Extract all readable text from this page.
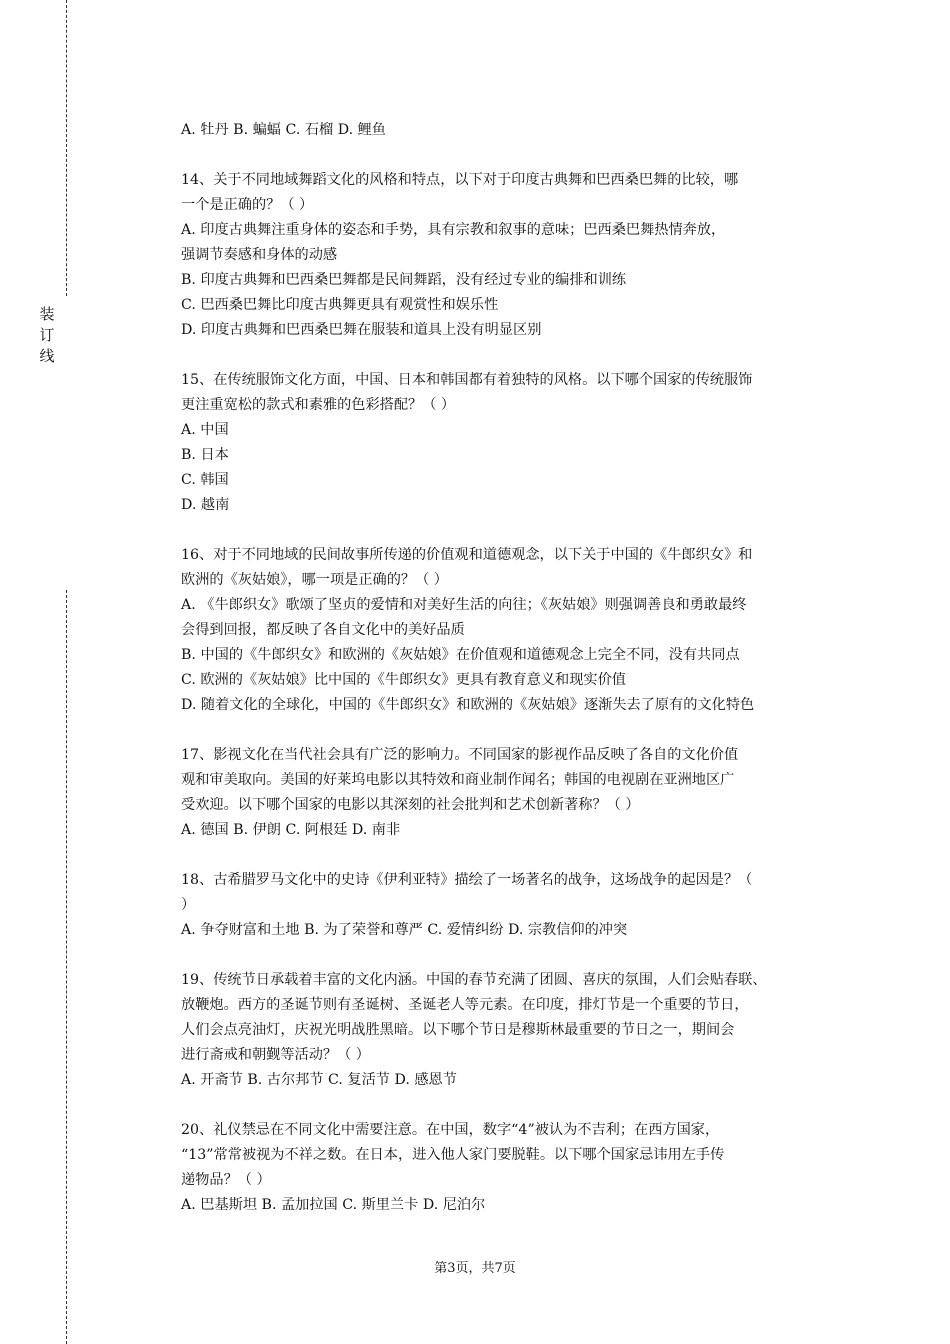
装
订
线
A. 牡丹 B. 蝙蝠 C. 石榴 D. 鲤鱼
14、关于不同地域舞蹈文化的风格和特点，以下对于印度古典舞和巴西桑巴舞的比较，哪
一个是正确的？（ ）
A. 印度古典舞注重身体的姿态和手势，具有宗教和叙事的意味；巴西桑巴舞热情奔放，
强调节奏感和身体的动感
B. 印度古典舞和巴西桑巴舞都是民间舞蹈，没有经过专业的编排和训练
C. 巴西桑巴舞比印度古典舞更具有观赏性和娱乐性
D. 印度古典舞和巴西桑巴舞在服装和道具上没有明显区别
15、在传统服饰文化方面，中国、日本和韩国都有着独特的风格。以下哪个国家的传统服饰
更注重宽松的款式和素雅的色彩搭配？（ ）
A. 中国
B. 日本
C. 韩国
D. 越南
16、对于不同地域的民间故事所传递的价值观和道德观念，以下关于中国的《牛郎织女》和
欧洲的《灰姑娘》，哪一项是正确的？（ ）
A. 《牛郎织女》歌颂了坚贞的爱情和对美好生活的向往；《灰姑娘》则强调善良和勇敢最终
会得到回报，都反映了各自文化中的美好品质
B. 中国的《牛郎织女》和欧洲的《灰姑娘》在价值观和道德观念上完全不同，没有共同点
C. 欧洲的《灰姑娘》比中国的《牛郎织女》更具有教育意义和现实价值
D. 随着文化的全球化，中国的《牛郎织女》和欧洲的《灰姑娘》逐渐失去了原有的文化特色
17、影视文化在当代社会具有广泛的影响力。不同国家的影视作品反映了各自的文化价值
观和审美取向。美国的好莱坞电影以其特效和商业制作闻名；韩国的电视剧在亚洲地区广
受欢迎。以下哪个国家的电影以其深刻的社会批判和艺术创新著称？（ ）
A. 德国 B. 伊朗 C. 阿根廷 D. 南非
18、古希腊罗马文化中的史诗《伊利亚特》描绘了一场著名的战争，这场战争的起因是？（
）
A. 争夺财富和土地 B. 为了荣誉和尊严 C. 爱情纠纷 D. 宗教信仰的冲突
19、传统节日承载着丰富的文化内涵。中国的春节充满了团圆、喜庆的氛围，人们会贴春联、
放鞭炮。西方的圣诞节则有圣诞树、圣诞老人等元素。在印度，排灯节是一个重要的节日，
人们会点亮油灯，庆祝光明战胜黑暗。以下哪个节日是穆斯林最重要的节日之一，期间会
进行斋戒和朝觐等活动？（ ）
A. 开斋节 B. 古尔邦节 C. 复活节 D. 感恩节
20、礼仪禁忌在不同文化中需要注意。在中国，数字“4”被认为不吉利；在西方国家，
“13”常常被视为不祥之数。在日本，进入他人家门要脱鞋。以下哪个国家忌讳用左手传
递物品？（ ）
A. 巴基斯坦 B. 孟加拉国 C. 斯里兰卡 D. 尼泊尔
第3页，共7页
